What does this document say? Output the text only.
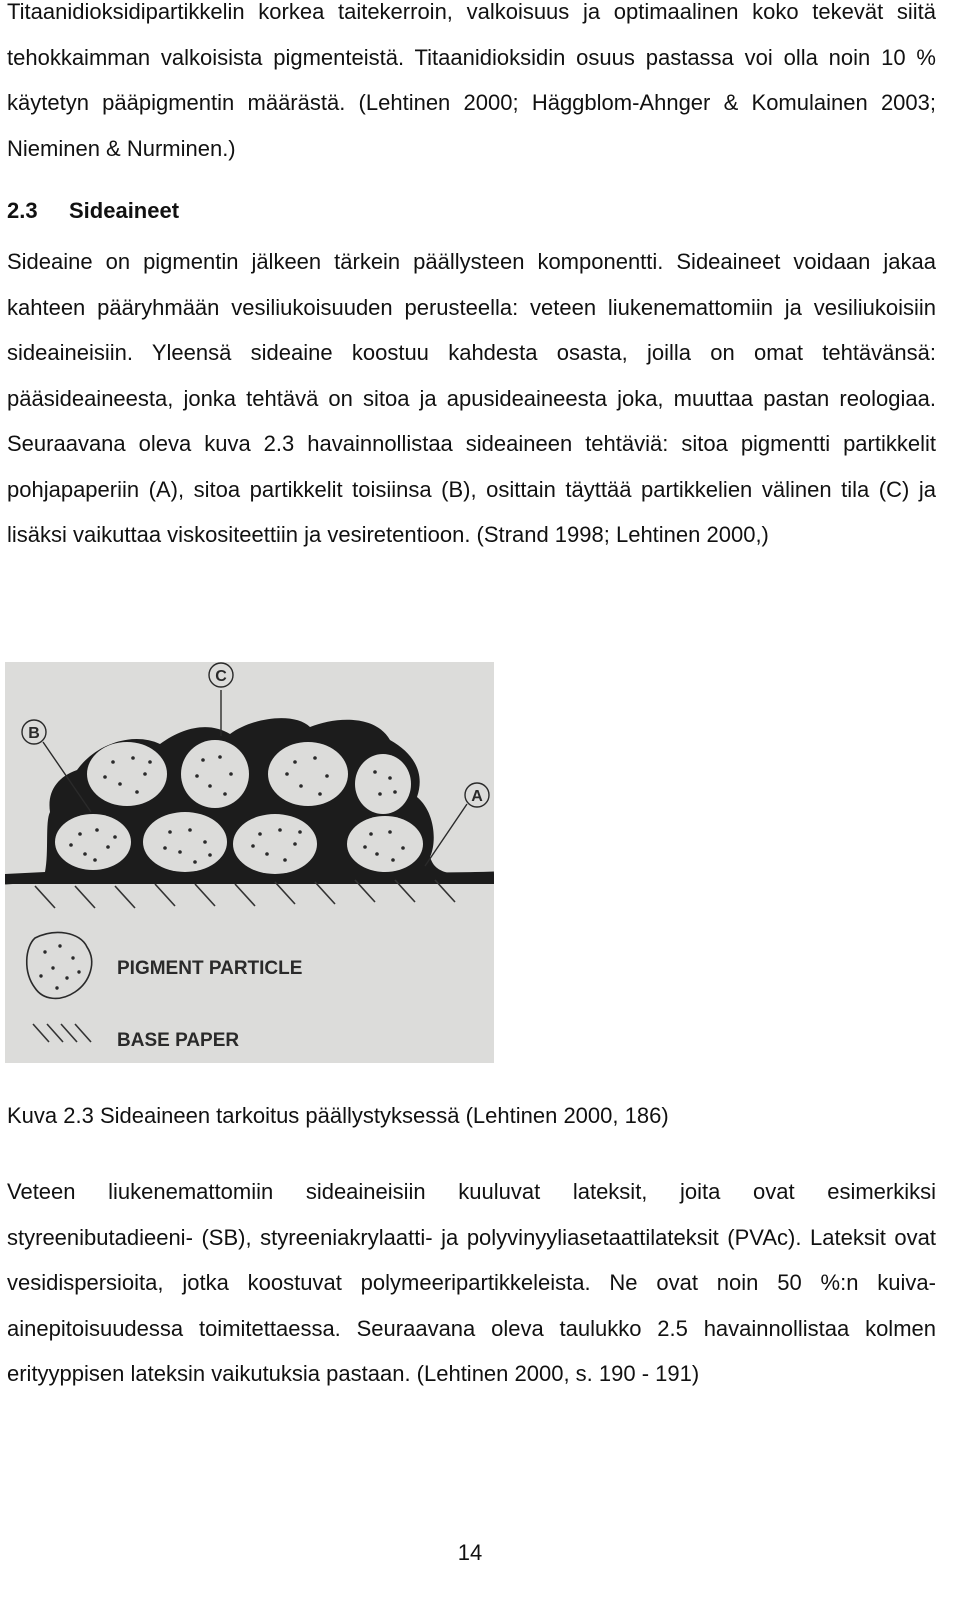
Titaanidioksidipartikkelin korkea taitekerroin, valkoisuus ja optimaalinen koko tekevät siitä tehokkaimman valkoisista pigmenteistä. Titaanidioksidin osuus pastassa voi olla noin 10 % käytetyn pääpigmentin määrästä. (Lehtinen 2000; Häggblom-Ahnger & Komulainen 2003; Nieminen & Nurminen.)

2.3 Sideaineet

Sideaine on pigmentin jälkeen tärkein päällysteen komponentti. Sideaineet voidaan jakaa kahteen pääryhmään vesiliukoisuuden perusteella: veteen liukenemattomiin ja vesiliukoisiin sideaineisiin. Yleensä sideaine koostuu kahdesta osasta, joilla on omat tehtävänsä: pääsideaineesta, jonka tehtävä on sitoa ja apusideaineesta joka, muuttaa pastan reologiaa. Seuraavana oleva kuva 2.3 havainnollistaa sideaineen tehtäviä: sitoa pigmentti partikkelit pohjapaperiin (A), sitoa partikkelit toisiinsa (B), osittain täyttää partikkelien välinen tila (C) ja lisäksi vaikuttaa viskositeettiin ja vesiretentioon. (Strand 1998; Lehtinen 2000,)

B
C
A
PIGMENT PARTICLE
BASE PAPER

Kuva 2.3 Sideaineen tarkoitus päällystyksessä (Lehtinen 2000, 186)

Veteen liukenemattomiin sideaineisiin kuuluvat lateksit, joita ovat esimerkiksi styreenibutadieeni- (SB), styreeniakrylaatti- ja polyvinyyliasetaattilateksit (PVAc). Lateksit ovat vesidispersioita, jotka koostuvat polymeeripartikkeleista. Ne ovat noin 50 %:n kuiva-ainepitoisuudessa toimitettaessa. Seuraavana oleva taulukko 2.5 havainnollistaa kolmen erityyppisen lateksin vaikutuksia pastaan. (Lehtinen 2000, s. 190 - 191)

14
